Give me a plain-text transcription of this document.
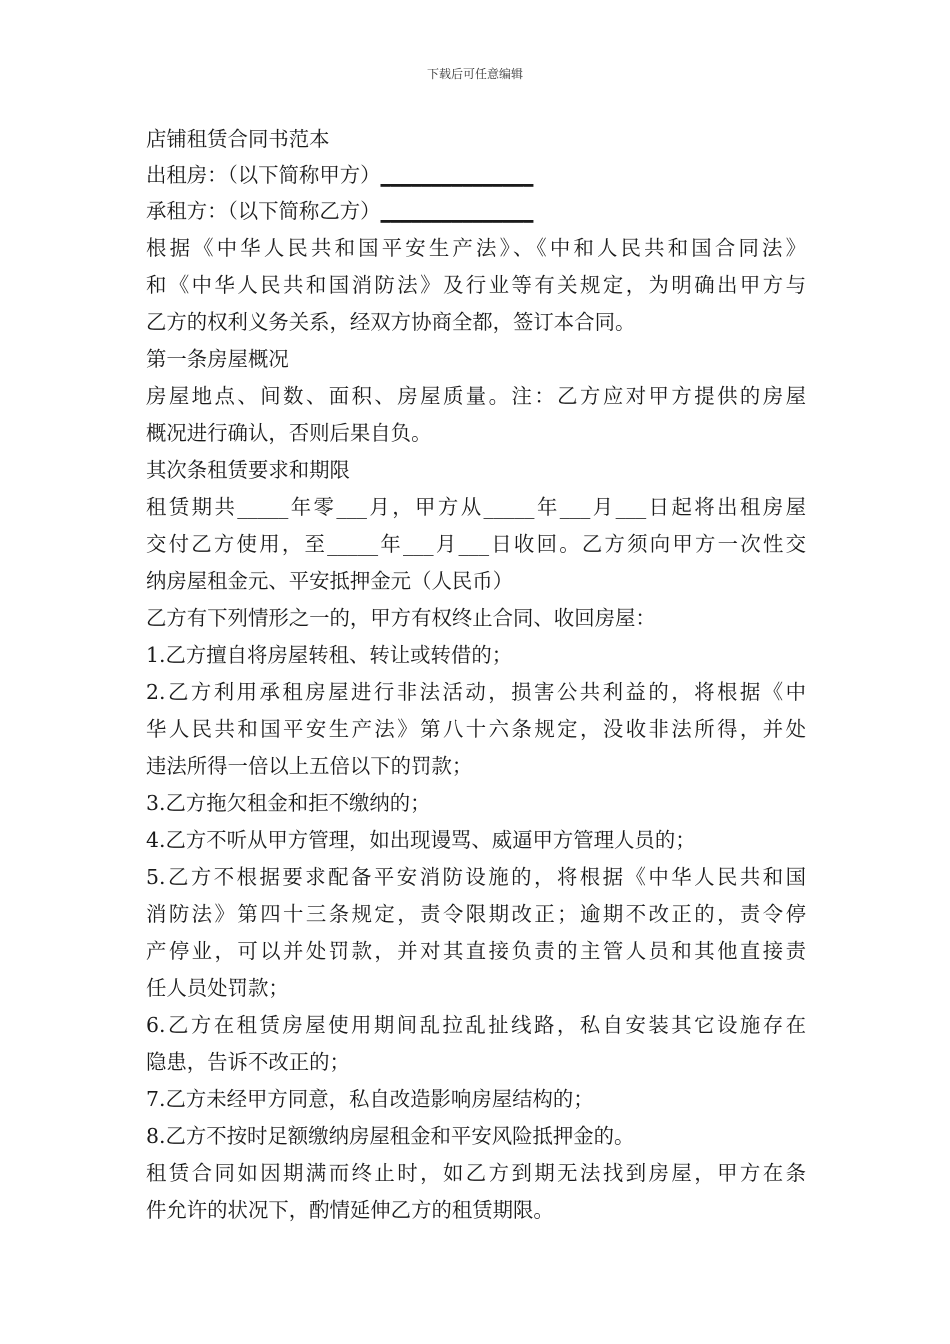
下载后可任意编辑
店铺租赁合同书范本
出租房：（以下简称甲方）_______________
承租方：（以下简称乙方）_______________
根据《中华人民共和国平安生产法》、《中和人民共和国合同法》
和《中华人民共和国消防法》及行业等有关规定，为明确出甲方与
乙方的权利义务关系，经双方协商全都，签订本合同。
第一条房屋概况
房屋地点、间数、面积、房屋质量。注：乙方应对甲方提供的房屋
概况进行确认，否则后果自负。
其次条租赁要求和期限
租赁期共_____年零___月，甲方从_____年___月___日起将出租房屋
交付乙方使用，至_____年___月___日收回。乙方须向甲方一次性交
纳房屋租金元、平安抵押金元（人民币）
乙方有下列情形之一的，甲方有权终止合同、收回房屋：
1.乙方擅自将房屋转租、转让或转借的；
2.乙方利用承租房屋进行非法活动，损害公共利益的，将根据《中
华人民共和国平安生产法》第八十六条规定，没收非法所得，并处
违法所得一倍以上五倍以下的罚款；
3.乙方拖欠租金和拒不缴纳的；
4.乙方不听从甲方管理，如出现谩骂、威逼甲方管理人员的；
5.乙方不根据要求配备平安消防设施的，将根据《中华人民共和国
消防法》第四十三条规定，责令限期改正；逾期不改正的，责令停
产停业，可以并处罚款，并对其直接负责的主管人员和其他直接责
任人员处罚款；
6.乙方在租赁房屋使用期间乱拉乱扯线路，私自安装其它设施存在
隐患，告诉不改正的；
7.乙方未经甲方同意，私自改造影响房屋结构的；
8.乙方不按时足额缴纳房屋租金和平安风险抵押金的。
租赁合同如因期满而终止时，如乙方到期无法找到房屋，甲方在条
件允许的状况下，酌情延伸乙方的租赁期限。
